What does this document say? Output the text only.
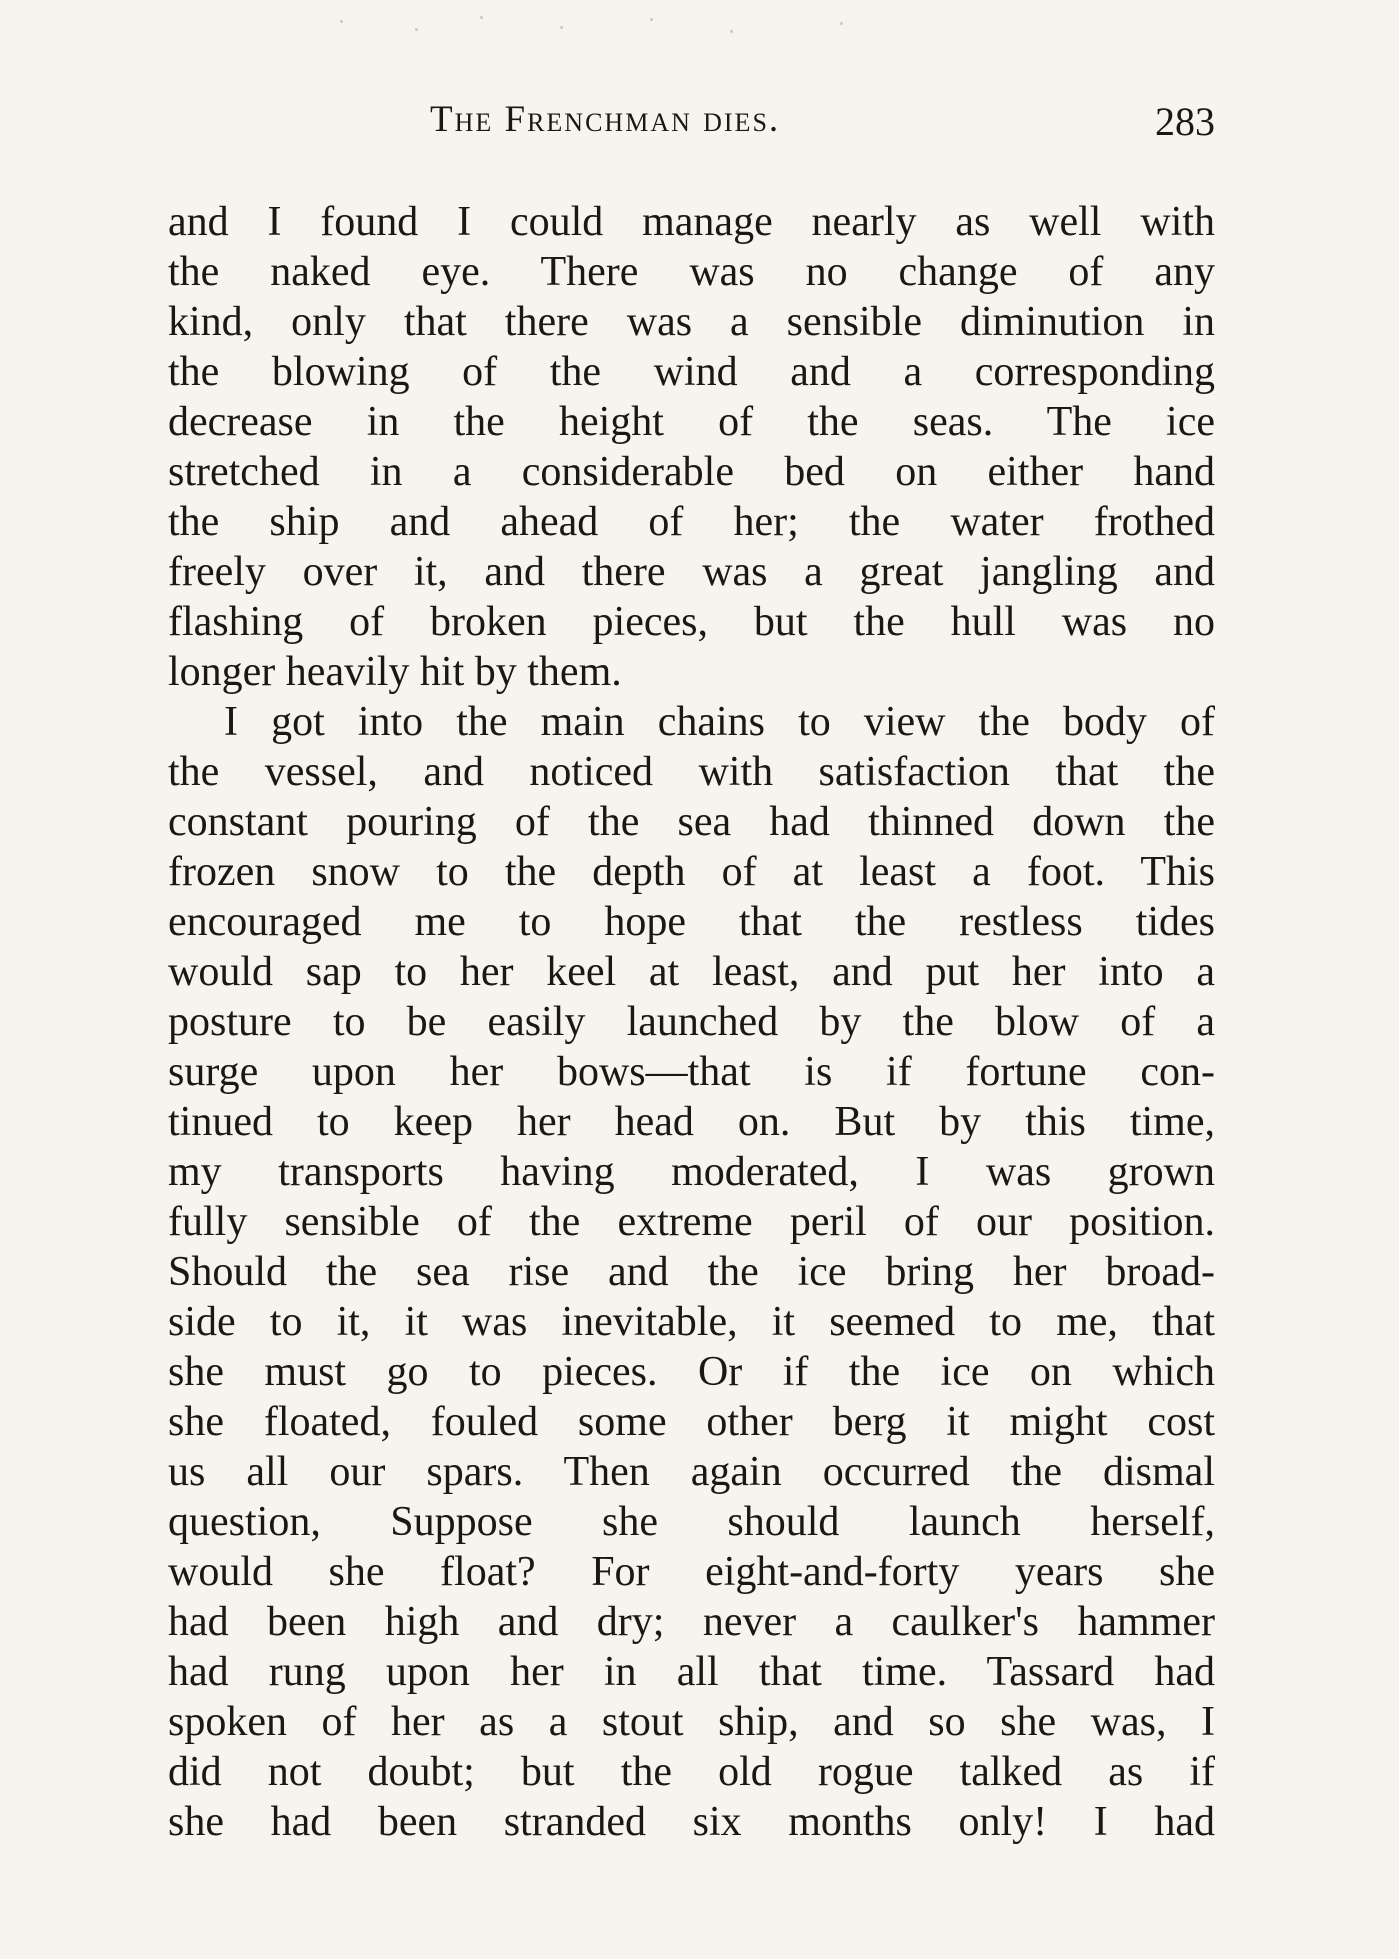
The Frenchman dies.	283
and I found I could manage nearly as well with
the naked eye. There was no change of any
kind, only that there was a sensible diminution in
the blowing of the wind and a corresponding
decrease in the height of the seas. The ice
stretched in a considerable bed on either hand
the ship and ahead of her; the water frothed
freely over it, and there was a great jangling and
flashing of broken pieces, but the hull was no
longer heavily hit by them.
I got into the main chains to view the body of
the vessel, and noticed with satisfaction that the
constant pouring of the sea had thinned down the
frozen snow to the depth of at least a foot. This
encouraged me to hope that the restless tides
would sap to her keel at least, and put her into a
posture to be easily launched by the blow of a
surge upon her bows—that is if fortune con-
tinued to keep her head on. But by this time,
my transports having moderated, I was grown
fully sensible of the extreme peril of our position.
Should the sea rise and the ice bring her broad-
side to it, it was inevitable, it seemed to me, that
she must go to pieces. Or if the ice on which
she floated, fouled some other berg it might cost
us all our spars. Then again occurred the dismal
question, Suppose she should launch herself,
would she float? For eight-and-forty years she
had been high and dry; never a caulker's hammer
had rung upon her in all that time. Tassard had
spoken of her as a stout ship, and so she was, I
did not doubt; but the old rogue talked as if
she had been stranded six months only! I had
